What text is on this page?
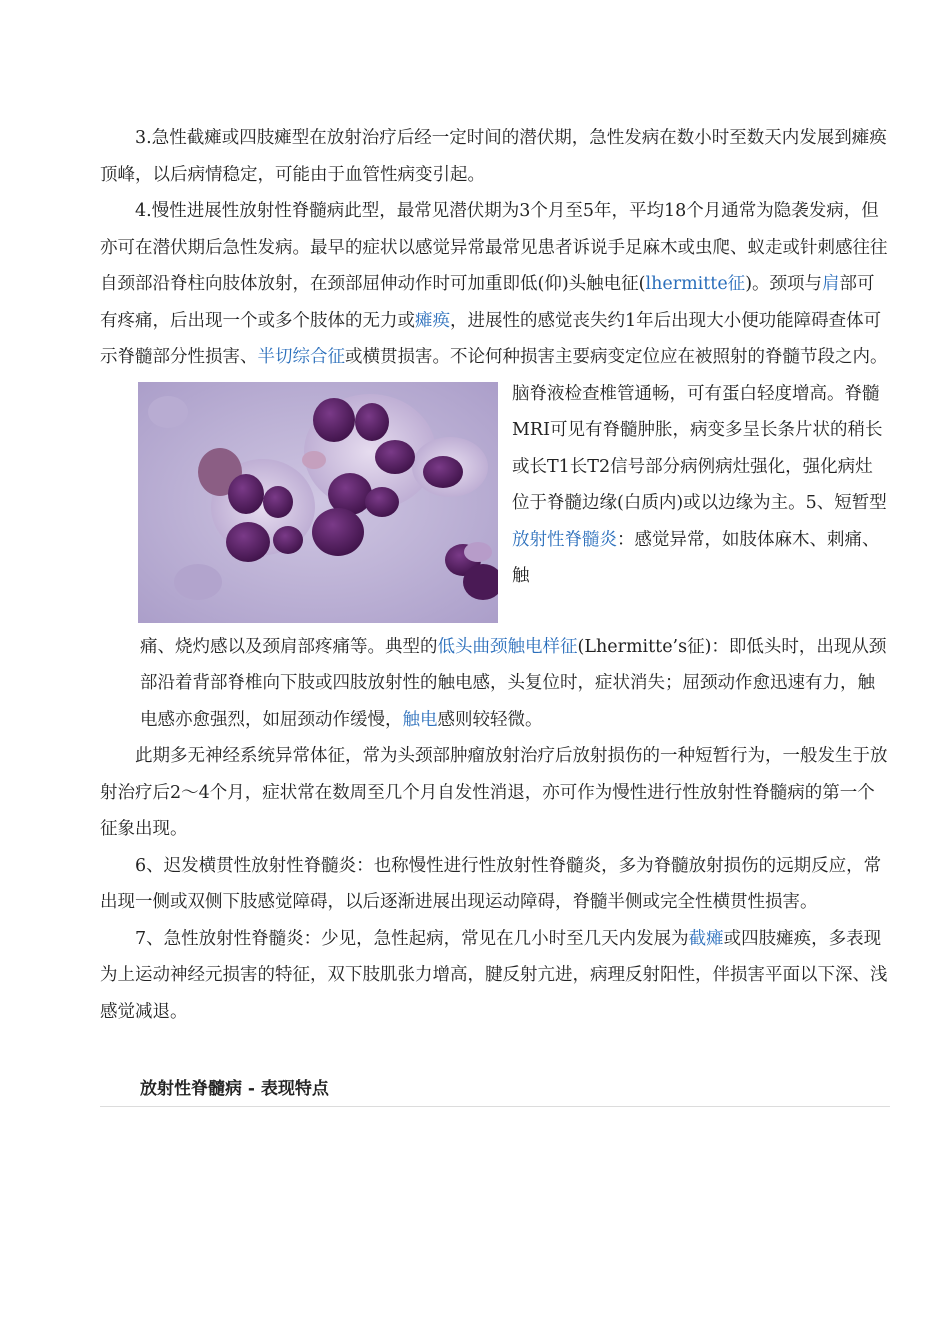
3.急性截瘫或四肢瘫型在放射治疗后经一定时间的潜伏期，急性发病在数小时至数天内发展到瘫痪顶峰，以后病情稳定，可能由于血管性病变引起。

4.慢性进展性放射性脊髓病此型，最常见潜伏期为3个月至5年，平均18个月通常为隐袭发病，但亦可在潜伏期后急性发病。最早的症状以感觉异常最常见患者诉说手足麻木或虫爬、蚁走或针刺感往往自颈部沿脊柱向肢体放射，在颈部屈伸动作时可加重即低(仰)头触电征(lhermitte征)。颈项与肩部可有疼痛，后出现一个或多个肢体的无力或瘫痪，进展性的感觉丧失约1年后出现大小便功能障碍查体可示脊髓部分性损害、半切综合征或横贯损害。不论何种损害主要病变定位应在被照射的脊髓节段之内。

脑脊液检查椎管通畅，可有蛋白轻度增高。脊髓MRI可见有脊髓肿胀，病变多呈长条片状的稍长或长T1长T2信号部分病例病灶强化，强化病灶位于脊髓边缘(白质内)或以边缘为主。5、短暂型放射性脊髓炎：感觉异常，如肢体麻木、刺痛、触

痛、烧灼感以及颈肩部疼痛等。典型的低头曲颈触电样征(Lhermitte’s征)：即低头时，出现从颈部沿着背部脊椎向下肢或四肢放射性的触电感，头复位时，症状消失；屈颈动作愈迅速有力，触电感亦愈强烈，如屈颈动作缓慢，触电感则较轻微。

此期多无神经系统异常体征，常为头颈部肿瘤放射治疗后放射损伤的一种短暂行为，一般发生于放射治疗后2～4个月，症状常在数周至几个月自发性消退，亦可作为慢性进行性放射性脊髓病的第一个征象出现。

6、迟发横贯性放射性脊髓炎：也称慢性进行性放射性脊髓炎，多为脊髓放射损伤的远期反应，常出现一侧或双侧下肢感觉障碍，以后逐渐进展出现运动障碍，脊髓半侧或完全性横贯性损害。

7、急性放射性脊髓炎：少见，急性起病，常见在几小时至几天内发展为截瘫或四肢瘫痪，多表现为上运动神经元损害的特征，双下肢肌张力增高，腱反射亢进，病理反射阳性，伴损害平面以下深、浅感觉减退。

放射性脊髓病 - 表现特点
